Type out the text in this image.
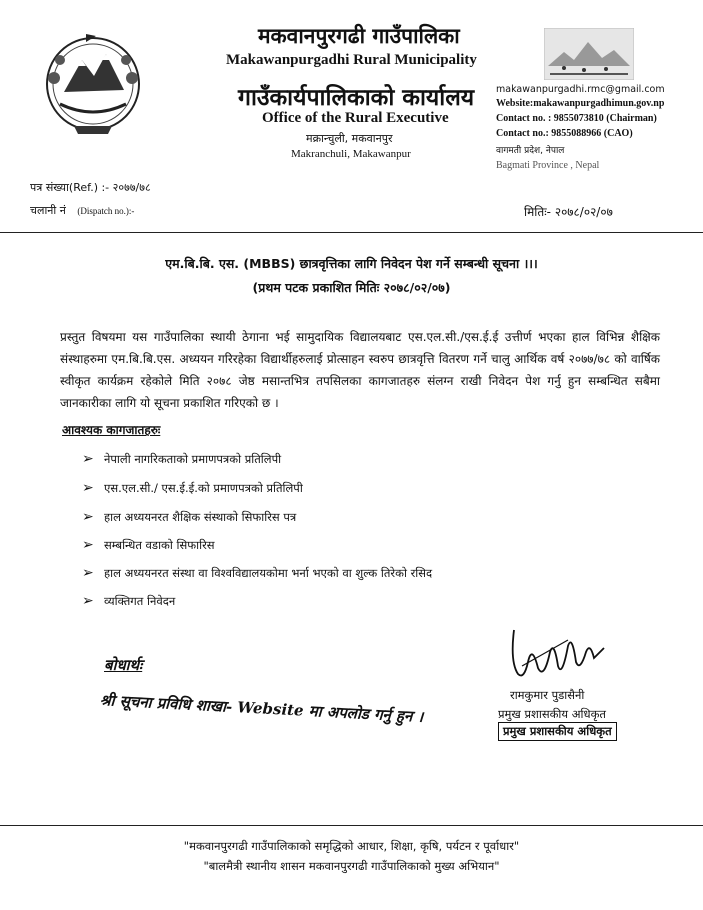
मकवानपुरगढी गाउँपालिका
Makawanpurgadhi Rural Municipality
गाउँकार्यपालिकाको कार्यालय
Office of the Rural Executive
मक्रान्चुली, मकवानपुर
Makranchuli, Makawanpur
makawanpurgadhi.rmc@gmail.com
Website:makawanpurgadhimun.gov.np
Contact no. : 9855073810 (Chairman)
Contact no.: 9855088966 (CAO)
वागमती प्रदेश, नेपाल
Bagmati Province , Nepal
पत्र संख्या(Ref.) :- २०७७/७८
चलानी नं (Dispatch no.):-	मितिः- २०७८/०२/०७
एम.बि.बि. एस. (MBBS) छात्रवृत्तिका लागि निवेदन पेश गर्ने सम्बन्धी सूचना ।।।
(प्रथम पटक प्रकाशित मितिः २०७८/०२/०७)
प्रस्तुत विषयमा यस गाउँपालिका स्थायी ठेगाना भई सामुदायिक विद्यालयबाट एस.एल.सी./एस.ई.ई उत्तीर्ण भएका हाल विभिन्न शैक्षिक संस्थाहरुमा एम.बि.बि.एस. अध्ययन गरिरहेका विद्यार्थीहरुलाई प्रोत्साहन स्वरुप छात्रवृत्ति वितरण गर्ने चालु आर्थिक वर्ष २०७७/७८ को वार्षिक स्वीकृत कार्यक्रम रहेकोले मिति २०७८ जेष्ठ मसान्तभित्र तपसिलका कागजातहरु संलग्न राखी निवेदन पेश गर्नु हुन सम्बन्धित सबैमा जानकारीका लागि यो सूचना प्रकाशित गरिएको छ ।
आवश्यक कागजातहरुः
➢ नेपाली नागरिकताको प्रमाणपत्रको प्रतिलिपी
➢ एस.एल.सी./ एस.ई.ई.को प्रमाणपत्रको प्रतिलिपी
➢ हाल अध्ययनरत शैक्षिक संस्थाको सिफारिस पत्र
➢ सम्बन्धित वडाको सिफारिस
➢ हाल अध्ययनरत संस्था वा विश्वविद्यालयकोमा भर्ना भएको वा शुल्क तिरेको रसिद
➢ व्यक्तिगत निवेदन
बोधार्थः
श्री सूचना प्रविधि शाखा- Website मा अपलोड गर्नु हुन ।	रामकुमार पुडासैनी
प्रमुख प्रशासकीय अधिकृत
प्रमुख प्रशासकीय अधिकृत
"मकवानपुरगढी गाउँपालिकाको समृद्धिको आधार, शिक्षा, कृषि, पर्यटन र पूर्वाधार"
"बालमैत्री स्थानीय शासन मकवानपुरगढी गाउँपालिकाको मुख्य अभियान"
